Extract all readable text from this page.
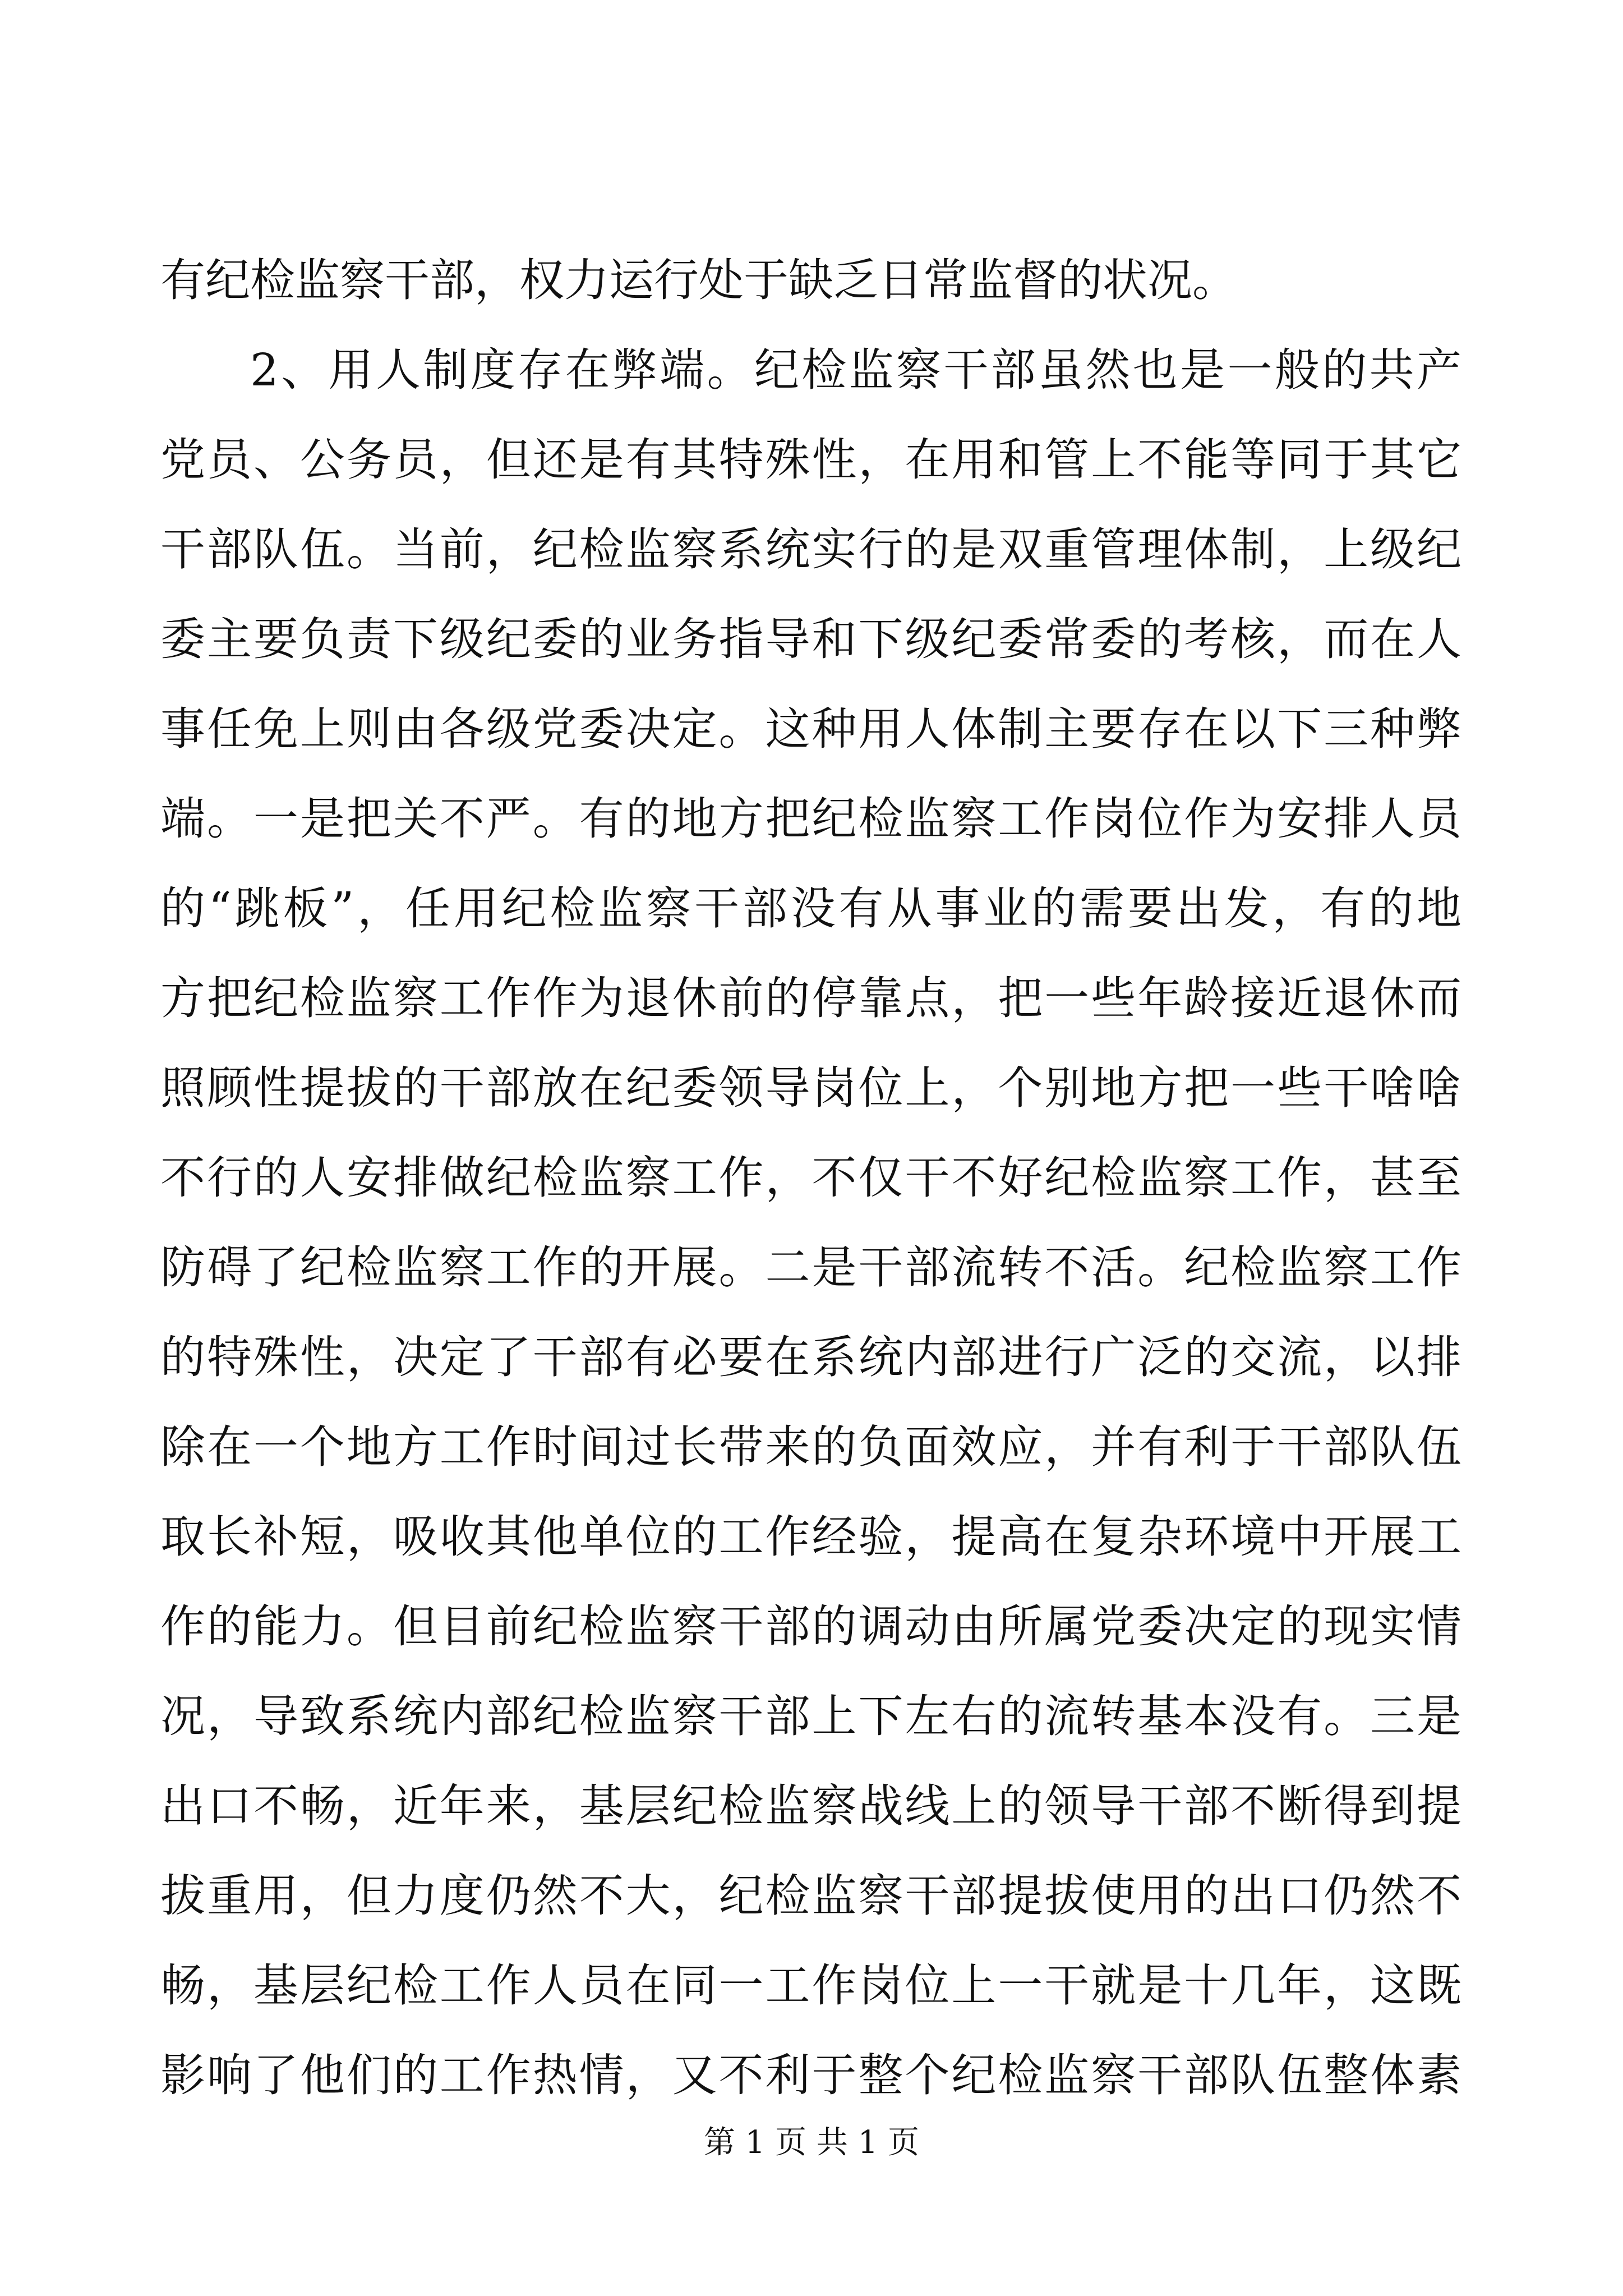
有纪检监察干部，权力运行处于缺乏日常监督的状况。
2、用人制度存在弊端。纪检监察干部虽然也是一般的共产
党员、公务员，但还是有其特殊性，在用和管上不能等同于其它
干部队伍。当前，纪检监察系统实行的是双重管理体制，上级纪
委主要负责下级纪委的业务指导和下级纪委常委的考核，而在人
事任免上则由各级党委决定。这种用人体制主要存在以下三种弊
端。一是把关不严。有的地方把纪检监察工作岗位作为安排人员
的“跳板”，任用纪检监察干部没有从事业的需要出发，有的地
方把纪检监察工作作为退休前的停靠点，把一些年龄接近退休而
照顾性提拔的干部放在纪委领导岗位上，个别地方把一些干啥啥
不行的人安排做纪检监察工作，不仅干不好纪检监察工作，甚至
防碍了纪检监察工作的开展。二是干部流转不活。纪检监察工作
的特殊性，决定了干部有必要在系统内部进行广泛的交流，以排
除在一个地方工作时间过长带来的负面效应，并有利于干部队伍
取长补短，吸收其他单位的工作经验，提高在复杂环境中开展工
作的能力。但目前纪检监察干部的调动由所属党委决定的现实情
况，导致系统内部纪检监察干部上下左右的流转基本没有。三是
出口不畅，近年来，基层纪检监察战线上的领导干部不断得到提
拔重用，但力度仍然不大，纪检监察干部提拔使用的出口仍然不
畅，基层纪检工作人员在同一工作岗位上一干就是十几年，这既
影响了他们的工作热情，又不利于整个纪检监察干部队伍整体素
第 1 页 共 1 页
